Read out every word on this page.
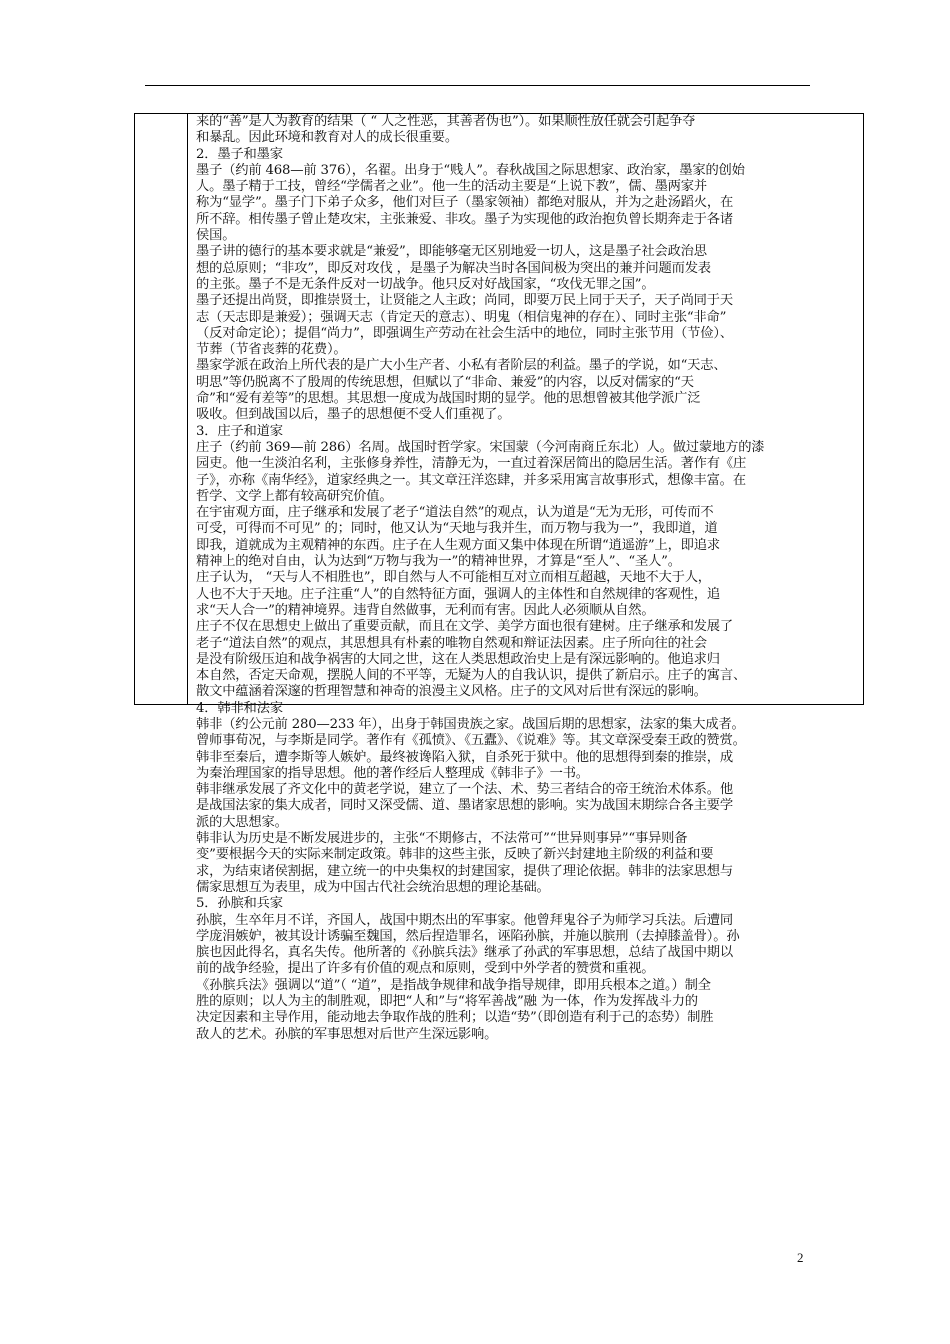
来的“善”是人为教育的结果（ “ 人之性恶，其善者伪也”）。如果顺性放任就会引起争夺
和暴乱。因此环境和教育对人的成长很重要。
2．墨子和墨家
墨子（约前 468—前 376），名翟。出身于“贱人”。春秋战国之际思想家、政治家，墨家的创始
人。墨子精于工技，曾经“学儒者之业”。他一生的活动主要是“上说下教”，儒、墨两家并
称为“显学”。墨子门下弟子众多，他们对巨子（墨家领袖）都绝对服从，并为之赴汤蹈火，在
所不辞。相传墨子曾止楚攻宋，主张兼爱、非攻。墨子为实现他的政治抱负曾长期奔走于各诸
侯国。
墨子讲的德行的基本要求就是“兼爱”，即能够毫无区别地爱一切人，这是墨子社会政治思
想的总原则；“非攻”，即反对攻伐 ，是墨子为解决当时各国间极为突出的兼并问题而发表
的主张。墨子不是无条件反对一切战争。他只反对好战国家，“攻伐无罪之国”。
墨子还提出尚贤，即推崇贤士，让贤能之人主政；尚同，即要万民上同于天子，天子尚同于天
志（天志即是兼爱）；强调天志（肯定天的意志）、明鬼（相信鬼神的存在）、同时主张“非命”
（反对命定论）；提倡“尚力”，即强调生产劳动在社会生活中的地位，同时主张节用（节俭）、
节葬（节省丧葬的花费）。
墨家学派在政治上所代表的是广大小生产者、小私有者阶层的利益。墨子的学说，如“天志、
明思”等仍脱离不了殷周的传统思想，但赋以了“非命、兼爱”的内容，以反对儒家的“天
命”和“爱有差等”的思想。其思想一度成为战国时期的显学。他的思想曾被其他学派广泛
吸收。但到战国以后，墨子的思想便不受人们重视了。
3．庄子和道家
庄子（约前 369—前 286）名周。战国时哲学家。宋国蒙（今河南商丘东北）人。做过蒙地方的漆
园吏。他一生淡泊名利，主张修身养性，清静无为，一直过着深居简出的隐居生活。著作有《庄
子》，亦称《南华经》，道家经典之一。其文章汪洋恣肆，并多采用寓言故事形式，想像丰富。在
哲学、文学上都有较高研究价值。
在宇宙观方面，庄子继承和发展了老子“道法自然”的观点，认为道是“无为无形，可传而不
可受，可得而不可见” 的；同时，他又认为“天地与我并生，而万物与我为一”，我即道，道
即我，道就成为主观精神的东西。庄子在人生观方面又集中体现在所谓“逍遥游”上，即追求
精神上的绝对自由，认为达到“万物与我为一”的精神世界，才算是“至人”、“圣人”。
庄子认为， “天与人不相胜也”，即自然与人不可能相互对立而相互超越，天地不大于人，
人也不大于天地。庄子注重“人”的自然特征方面，强调人的主体性和自然规律的客观性，追
求“天人合一”的精神境界。违背自然做事，无利而有害。因此人必须顺从自然。
庄子不仅在思想史上做出了重要贡献，而且在文学、美学方面也很有建树。庄子继承和发展了
老子“道法自然”的观点，其思想具有朴素的唯物自然观和辩证法因素。庄子所向往的社会
是没有阶级压迫和战争祸害的大同之世，这在人类思想政治史上是有深远影响的。他追求归
本自然，否定天命观，摆脱人间的不平等，无疑为人的自我认识，提供了新启示。庄子的寓言、
散文中蕴涵着深邃的哲理智慧和神奇的浪漫主义风格。庄子的文风对后世有深远的影响。
4．韩非和法家
韩非（约公元前 280—233 年），出身于韩国贵族之家。战国后期的思想家，法家的集大成者。
曾师事荀况，与李斯是同学。著作有《孤愤》、《五蠹》、《说难》等。其文章深受秦王政的赞赏。
韩非至秦后，遭李斯等人嫉妒。最终被谗陷入狱，自杀死于狱中。他的思想得到秦的推崇，成
为秦治理国家的指导思想。他的著作经后人整理成《韩非子》一书。
韩非继承发展了齐文化中的黄老学说，建立了一个法、术、势三者结合的帝王统治术体系。他
是战国法家的集大成者，同时又深受儒、道、墨诸家思想的影响。实为战国末期综合各主要学
派的大思想家。
韩非认为历史是不断发展进步的，主张“不期修古，不法常可”“世异则事异”“事异则备
变”要根据今天的实际来制定政策。韩非的这些主张，反映了新兴封建地主阶级的利益和要
求，为结束诸侯割据，建立统一的中央集权的封建国家，提供了理论依据。韩非的法家思想与
儒家思想互为表里，成为中国古代社会统治思想的理论基础。
5．孙膑和兵家
孙膑，生卒年月不详，齐国人，战国中期杰出的军事家。他曾拜鬼谷子为师学习兵法。后遭同
学庞涓嫉妒，被其设计诱骗至魏国，然后捏造罪名，诬陷孙膑，并施以膑刑（去掉膝盖骨）。孙
膑也因此得名，真名失传。他所著的《孙膑兵法》继承了孙武的军事思想，总结了战国中期以
前的战争经验，提出了许多有价值的观点和原则，受到中外学者的赞赏和重视。
《孙膑兵法》强调以“道”（ “道”，是指战争规律和战争指导规律，即用兵根本之道。）制全
胜的原则；以人为主的制胜观，即把“人和”与“将军善战”融 为一体，作为发挥战斗力的
决定因素和主导作用，能动地去争取作战的胜利；以造“势”（即创造有利于己的态势）制胜
敌人的艺术。孙膑的军事思想对后世产生深远影响。
2
